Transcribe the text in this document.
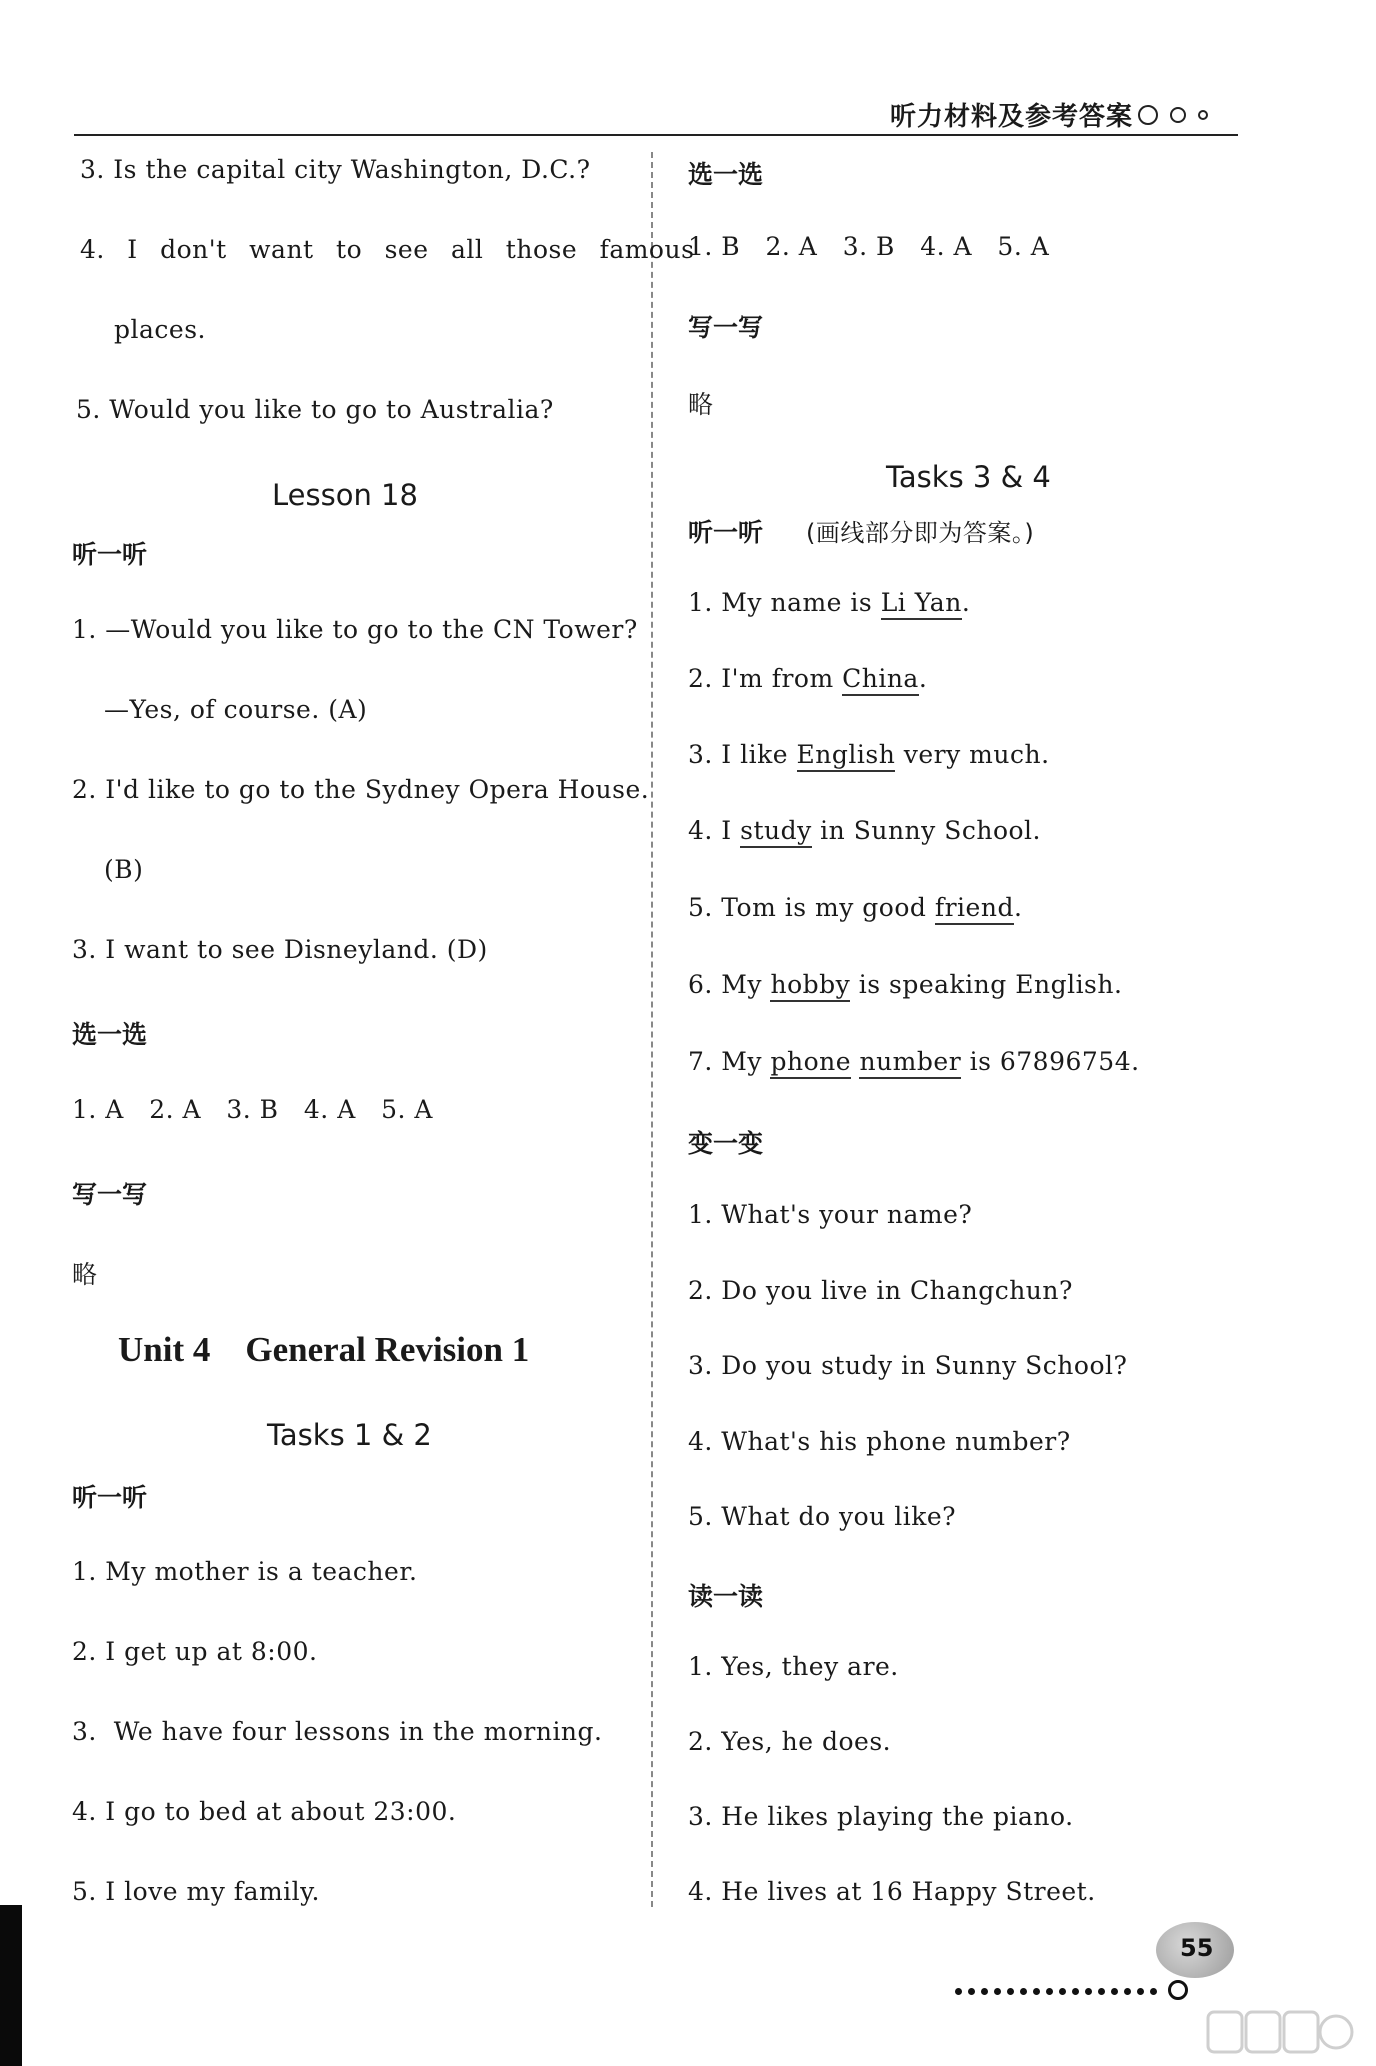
听力材料及参考答案
3. Is the capital city Washington, D.C.?
4. I don't want to see all those famous
places.
5. Would you like to go to Australia?
Lesson 18
听一听
1. —Would you like to go to the CN Tower?
—Yes, of course. (A)
2. I'd like to go to the Sydney Opera House.
(B)
3. I want to see Disneyland. (D)
选一选
1. A   2. A   3. B   4. A   5. A
写一写
略
Unit 4    General Revision 1
Tasks 1 & 2
听一听
1. My mother is a teacher.
2. I get up at 8:00.
3.  We have four lessons in the morning.
4. I go to bed at about 23:00.
5. I love my family.
选一选
1. B   2. A   3. B   4. A   5. A
写一写
略
Tasks 3 & 4
听一听 (画线部分即为答案。)
1. My name is Li Yan.
2. I'm from China.
3. I like English very much.
4. I study in Sunny School.
5. Tom is my good friend.
6. My hobby is speaking English.
7. My phone number is 67896754.
变一变
1. What's your name?
2. Do you live in Changchun?
3. Do you study in Sunny School?
4. What's his phone number?
5. What do you like?
读一读
1. Yes, they are.
2. Yes, he does.
3. He likes playing the piano.
4. He lives at 16 Happy Street.
55
